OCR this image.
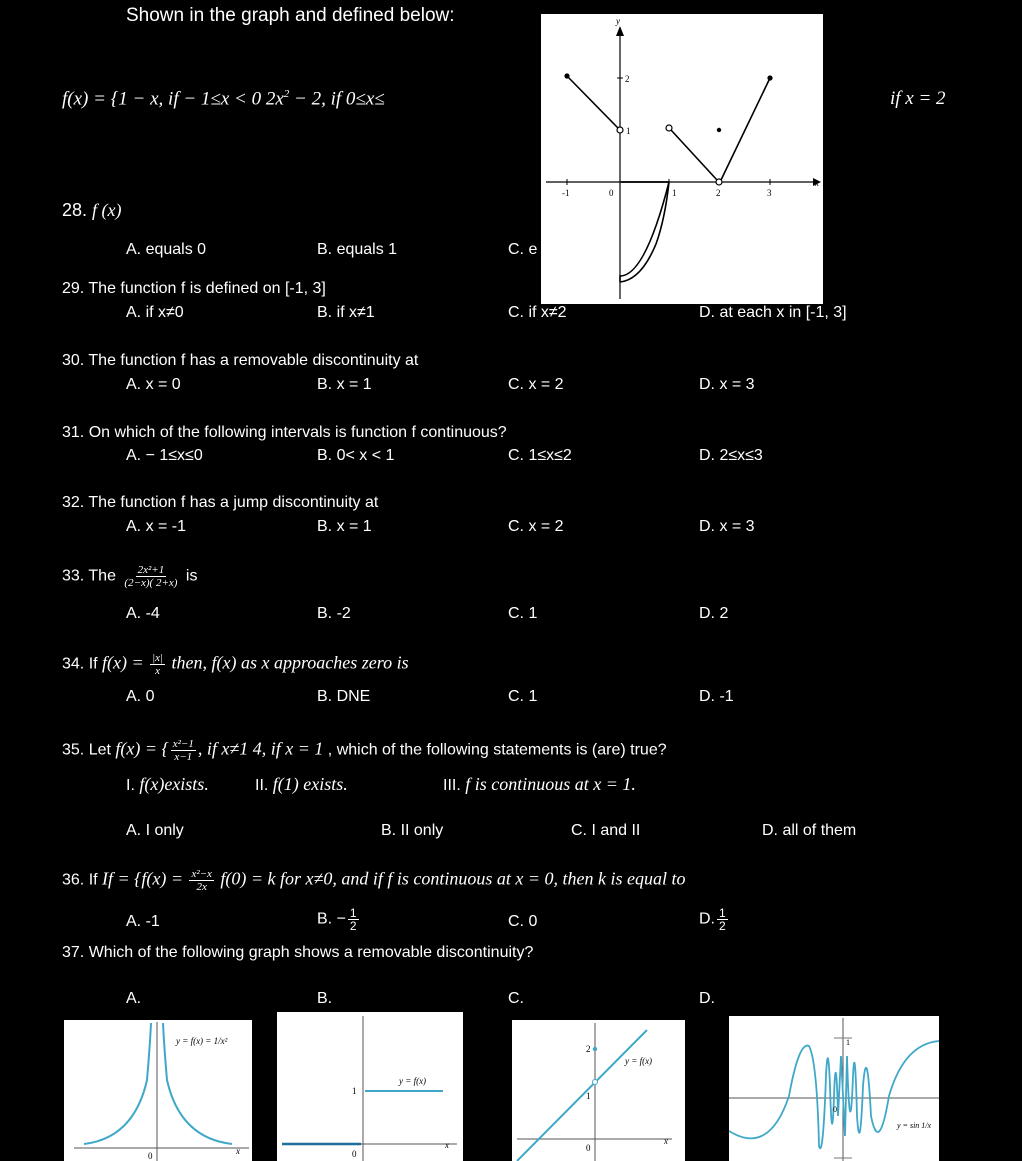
Shown in the graph and defined below:
f(x) = {1 − x, if − 1≤x < 0 $2x^2 - 2$, if 0≤x≤	if x = 2
y
x
-1	0	1	2	3
2
1
28. f (x)
A. equals 0	B. equals 1	C. e
29. The function f is defined on [-1, 3]
A. if x≠0	B. if x≠1	C. if x≠2	D. at each x in [-1, 3]
30. The function f has a removable discontinuity at
A. x = 0	B. x = 1	C. x = 2	D. x = 3
31. On which of the following intervals is function f continuous?
A. − 1≤x≤0	B. 0< x < 1	C. 1≤x≤2	D. 2≤x≤3
32. The function f has a jump discontinuity at
A. x = -1	B. x = 1	C. x = 2	D. x = 3
33. The $\frac{\text{2x²+1}}{(2-x)( 2+x)}$ is
A. -4	B. -2	C. 1	D. 2
34. If $f(x) = \frac{|x|}{x}$ then, f(x) as x approaches zero is
A. 0	B. DNE	C. 1	D. -1
35. Let f(x) = { $\frac{\text{x²−1}}{x-1}$ , if x≠1 4, if x = 1 , which of the following statements is (are) true?
I. f(x)exists.	II. f(1) exists.	III. f is continuous at x = 1.
A. I only	B. II only	C. I and II	D. all of them
36. If $If = \{f(x) = \frac{\text{x²−x}}{2x} f(0) = k$ for x≠0, and if f is continuous at x = 0, then k is equal to
A. -1	B. − $\frac{1}{2}$	C. 0	D. $\frac{1}{2}$
37. Which of the following graph shows a removable discontinuity?
A.	B.	C.	D.
y = f(x) = 1/x²
0	x
y = f(x)
1
0
x
y = f(x)
2
1
0
x
y = sin 1/x
1
0
